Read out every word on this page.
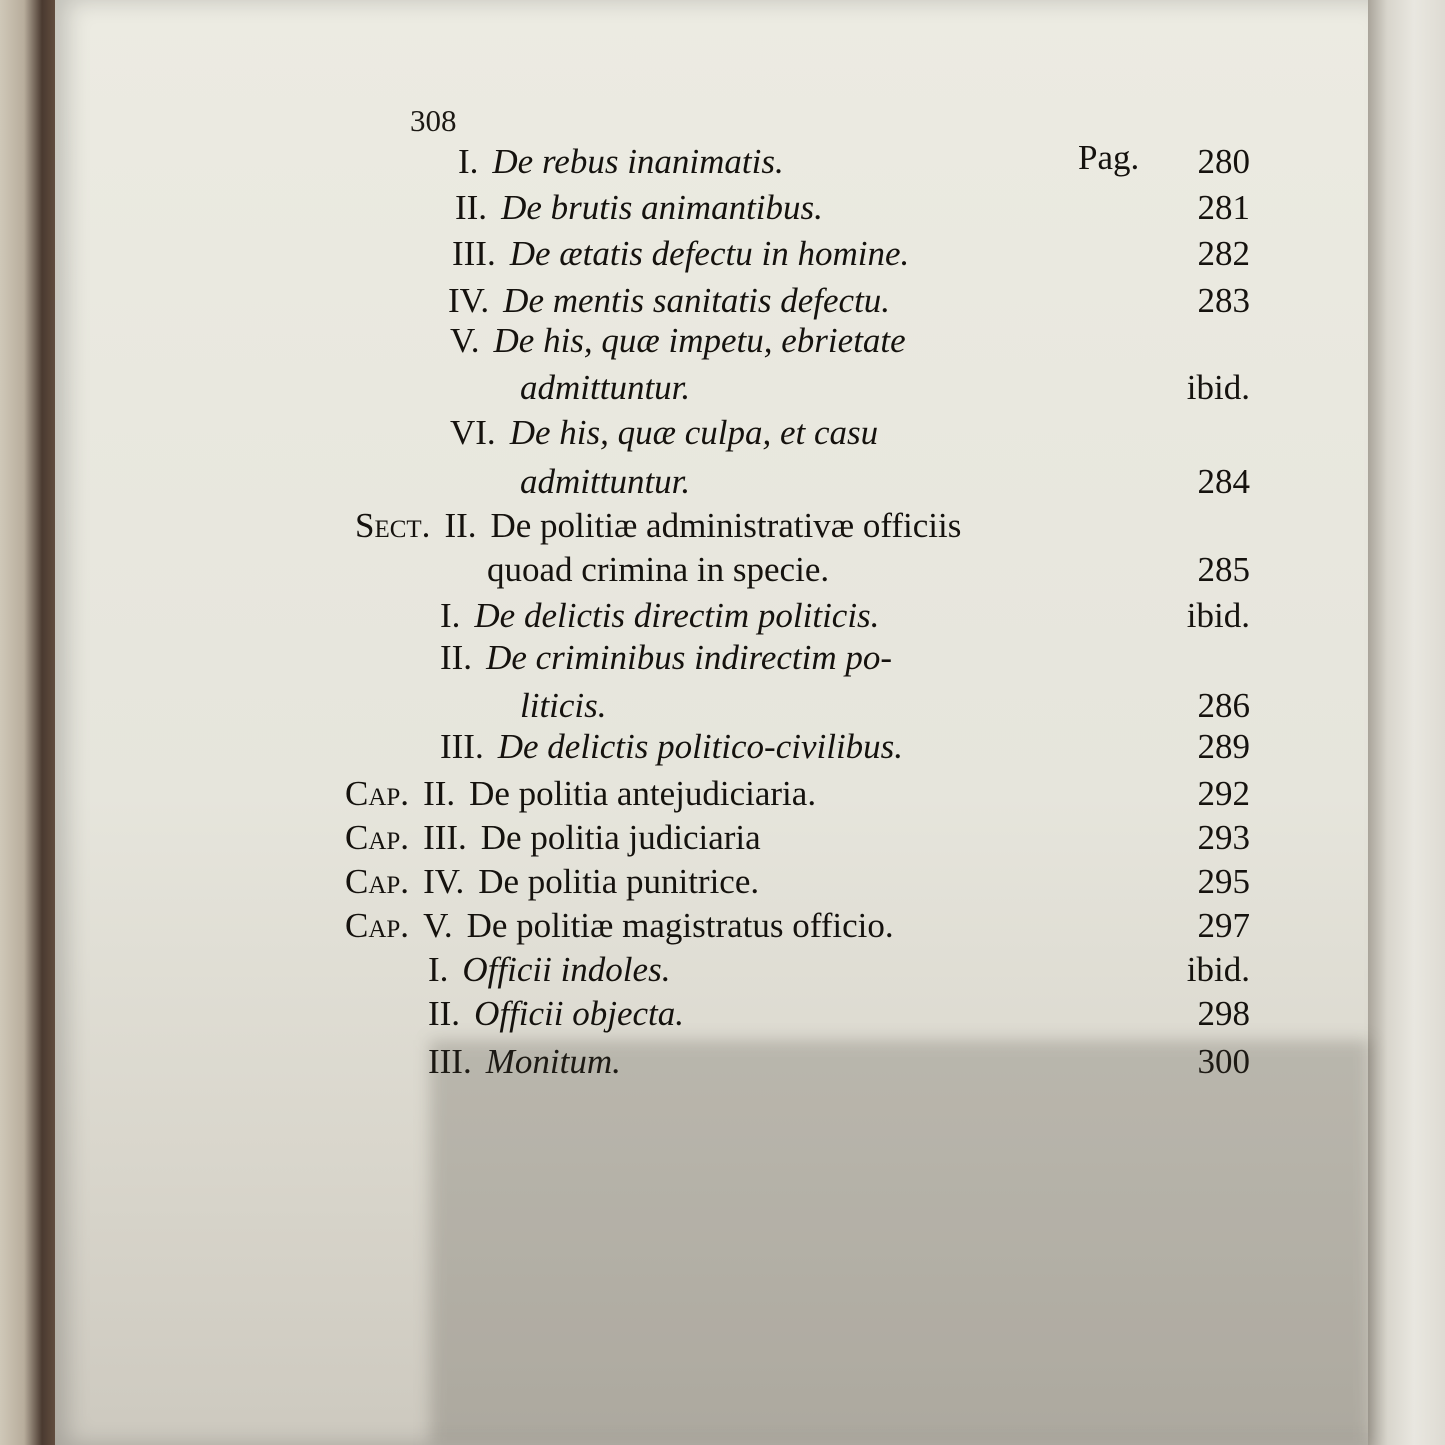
308
Pag.
I. De rebus inanimatis.	280
II. De brutis animantibus.	281
III. De ætatis defectu in homine.	282
IV. De mentis sanitatis defectu.	283
V. De his, quæ impetu, ebrietate
admittuntur.	ibid.
VI. De his, quæ culpa, et casu
admittuntur.	284
Sect. II. De politiæ administrativæ officiis
quoad crimina in specie.	285
I. De delictis directim politicis.	ibid.
II. De criminibus indirectim po-
liticis.	286
III. De delictis politico-civilibus.	289
Cap. II. De politia antejudiciaria.	292
Cap. III. De politia judiciaria	293
Cap. IV. De politia punitrice.	295
Cap. V. De politiæ magistratus officio.	297
I. Officii indoles.	ibid.
II. Officii objecta.	298
III. Monitum.	300
